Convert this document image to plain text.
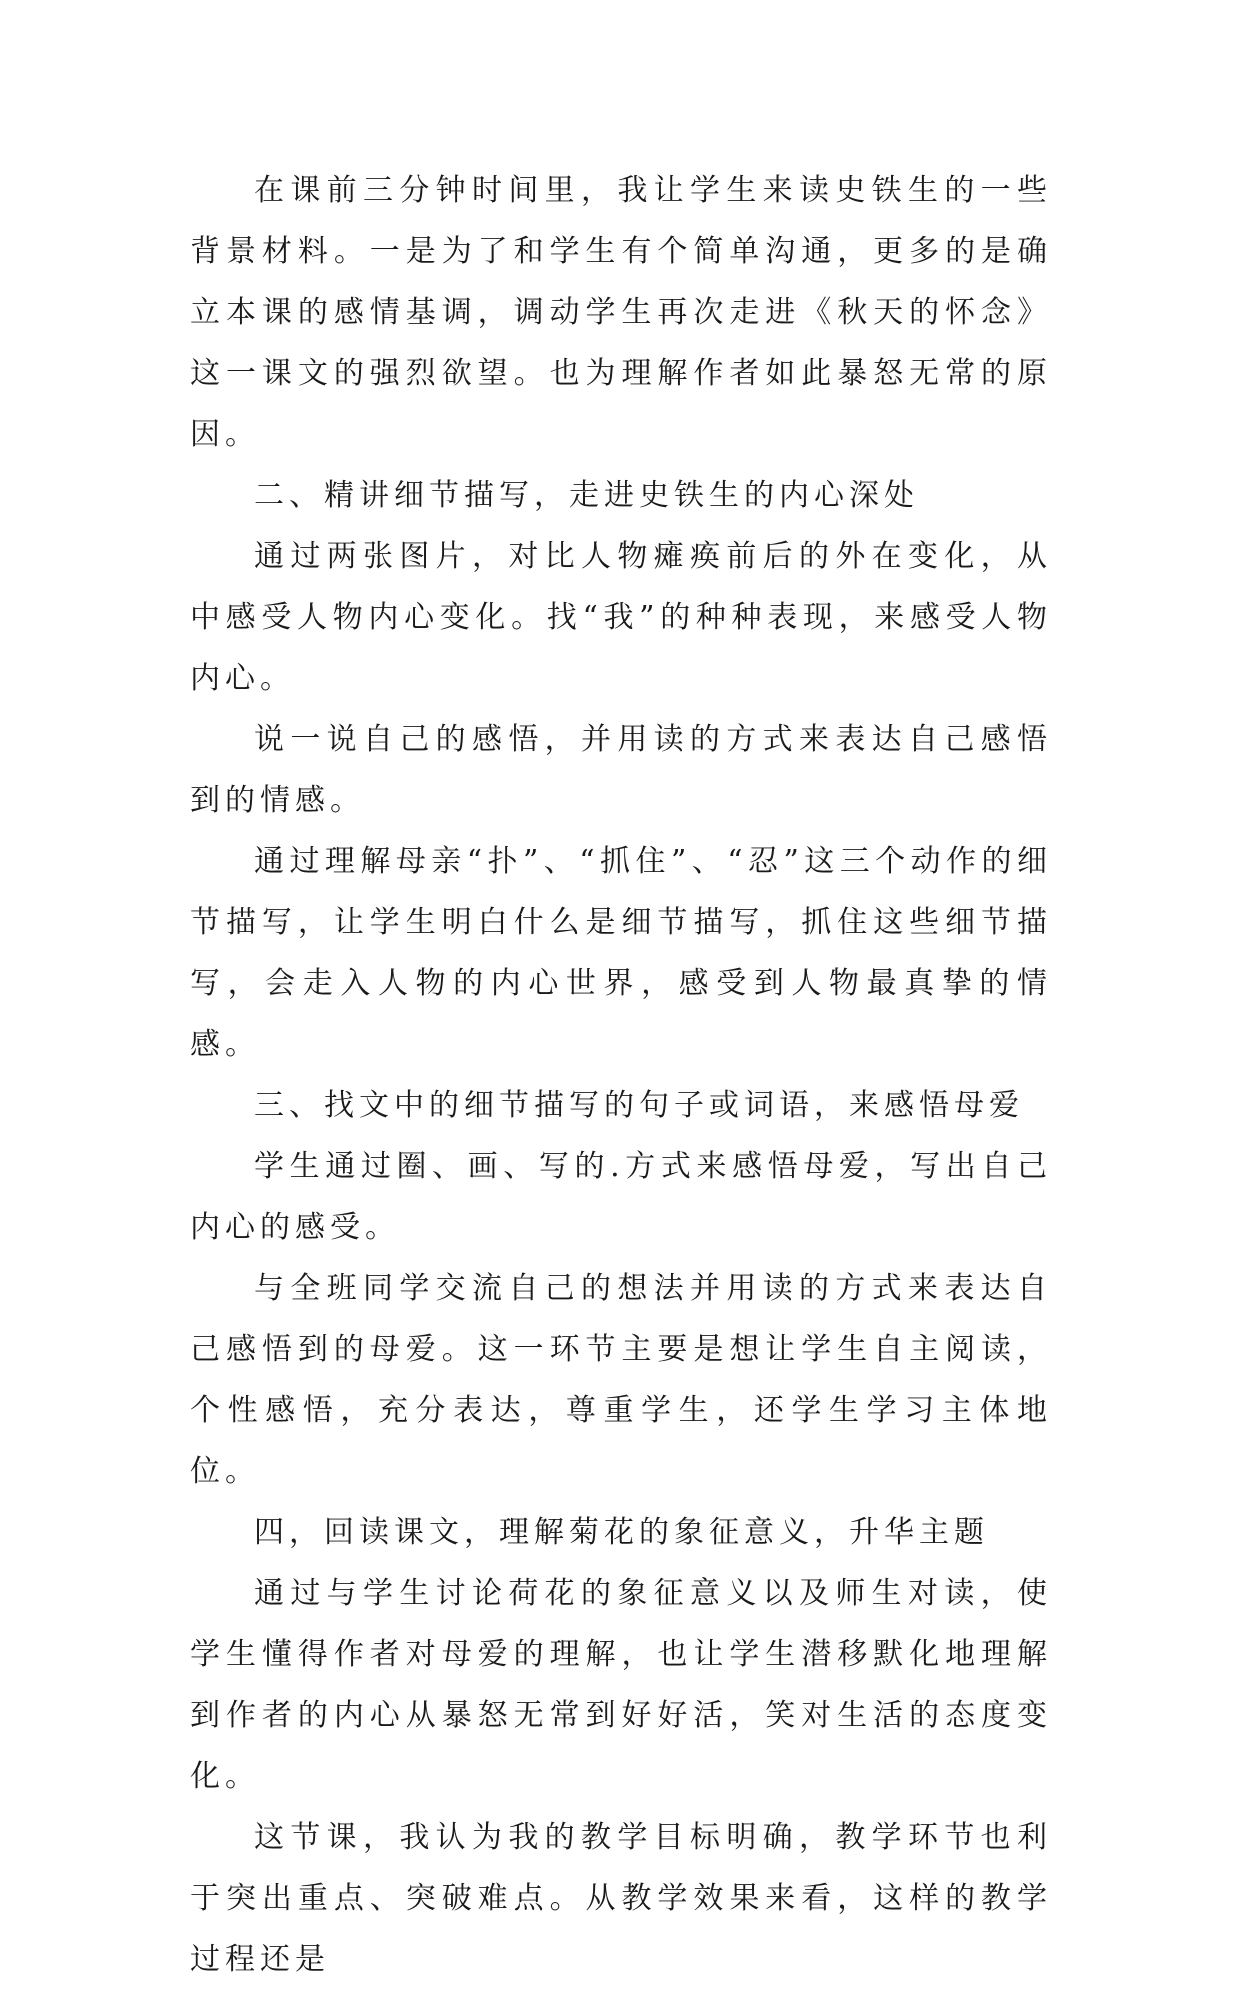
在课前三分钟时间里，我让学生来读史铁生的一些背景材料。一是为了和学生有个简单沟通，更多的是确立本课的感情基调，调动学生再次走进《秋天的怀念》这一课文的强烈欲望。也为理解作者如此暴怒无常的原因。

二、精讲细节描写，走进史铁生的内心深处

通过两张图片，对比人物瘫痪前后的外在变化，从中感受人物内心变化。找“我”的种种表现，来感受人物内心。

说一说自己的感悟，并用读的方式来表达自己感悟到的情感。

通过理解母亲“扑”、“抓住”、“忍”这三个动作的细节描写，让学生明白什么是细节描写，抓住这些细节描写，会走入人物的内心世界，感受到人物最真挚的情感。

三、找文中的细节描写的句子或词语，来感悟母爱

学生通过圈、画、写的.方式来感悟母爱，写出自己内心的感受。

与全班同学交流自己的想法并用读的方式来表达自己感悟到的母爱。这一环节主要是想让学生自主阅读，个性感悟，充分表达，尊重学生，还学生学习主体地位。

四，回读课文，理解菊花的象征意义，升华主题

通过与学生讨论荷花的象征意义以及师生对读，使学生懂得作者对母爱的理解，也让学生潜移默化地理解到作者的内心从暴怒无常到好好活，笑对生活的态度变化。

这节课，我认为我的教学目标明确，教学环节也利于突出重点、突破难点。从教学效果来看，这样的教学过程还是
